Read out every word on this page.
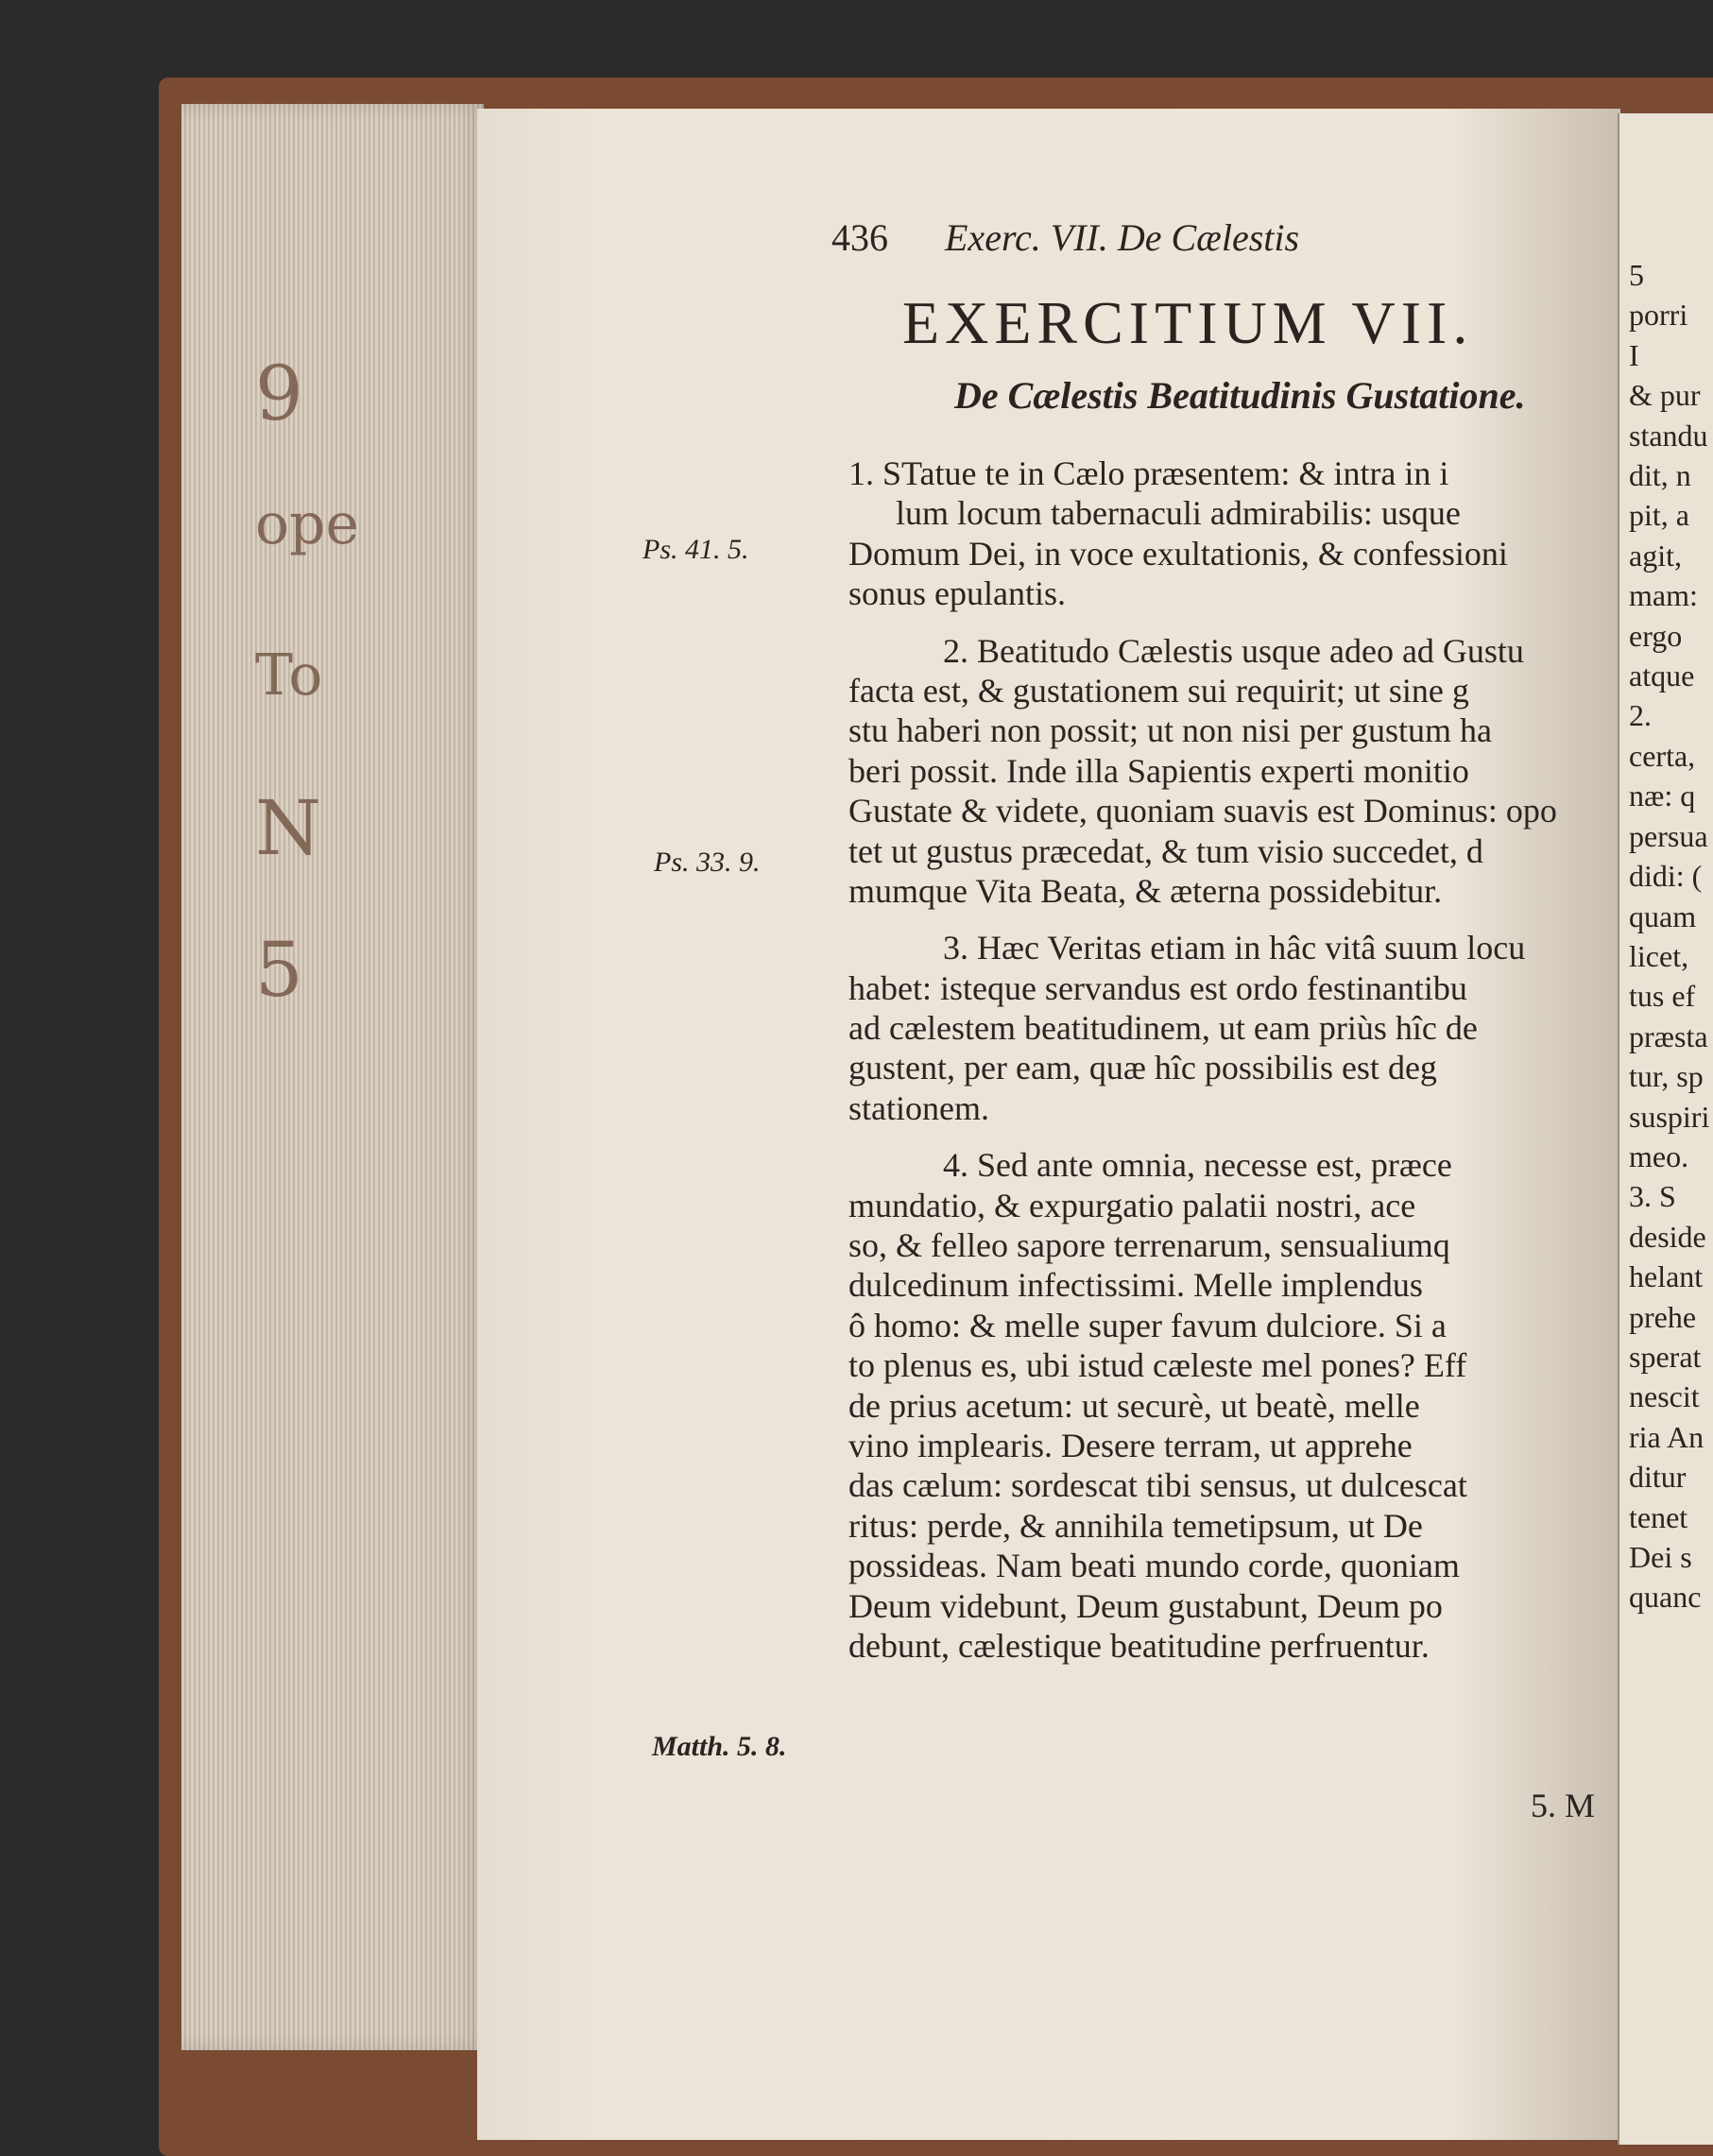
9
ope
To
N
5
436 Exerc. VII. De Cælestis
EXERCITIUM VII.
De Cælestis Beatitudinis Gustatione.
Ps. 41. 5.
Ps. 33. 9.
Matth. 5. 8.
1. STatue te in Cælo præsentem: & intra in i
lum locum tabernaculi admirabilis: usque
Domum Dei, in voce exultationis, & confessioni
sonus epulantis.
2. Beatitudo Cælestis usque adeo ad Gustu
facta est, & gustationem sui requirit; ut sine g
stu haberi non possit; ut non nisi per gustum ha
beri possit. Inde illa Sapientis experti monitio
Gustate & videte, quoniam suavis est Dominus: opo
tet ut gustus præcedat, & tum visio succedet, d
mumque Vita Beata, & æterna possidebitur.
3. Hæc Veritas etiam in hâc vitâ suum locu
habet: isteque servandus est ordo festinantibu
ad cælestem beatitudinem, ut eam priùs hîc de
gustent, per eam, quæ hîc possibilis est deg
stationem.
4. Sed ante omnia, necesse est, præce
mundatio, & expurgatio palatii nostri, ace
so, & felleo sapore terrenarum, sensualiumq
dulcedinum infectissimi. Melle implendus
ô homo: & melle super favum dulciore. Si a
to plenus es, ubi istud cæleste mel pones? Eff
de prius acetum: ut securè, ut beatè, melle
vino implearis. Desere terram, ut apprehe
das cælum: sordescat tibi sensus, ut dulcescat
ritus: perde, & annihila temetipsum, ut De
possideas. Nam beati mundo corde, quoniam
Deum videbunt, Deum gustabunt, Deum po
debunt, cælestique beatitudine perfruentur.
5. M
5
porri
I
& pur
standu
dit, n
pit, a
agit,
mam:
ergo
atque
2.
certa,
næ: q
persua
didi: (
quam
licet,
tus ef
præsta
tur, sp
suspiri
meo.
3. S
deside
helant
prehe
sperat
nescit
ria An
ditur
tenet
Dei s
quanc
